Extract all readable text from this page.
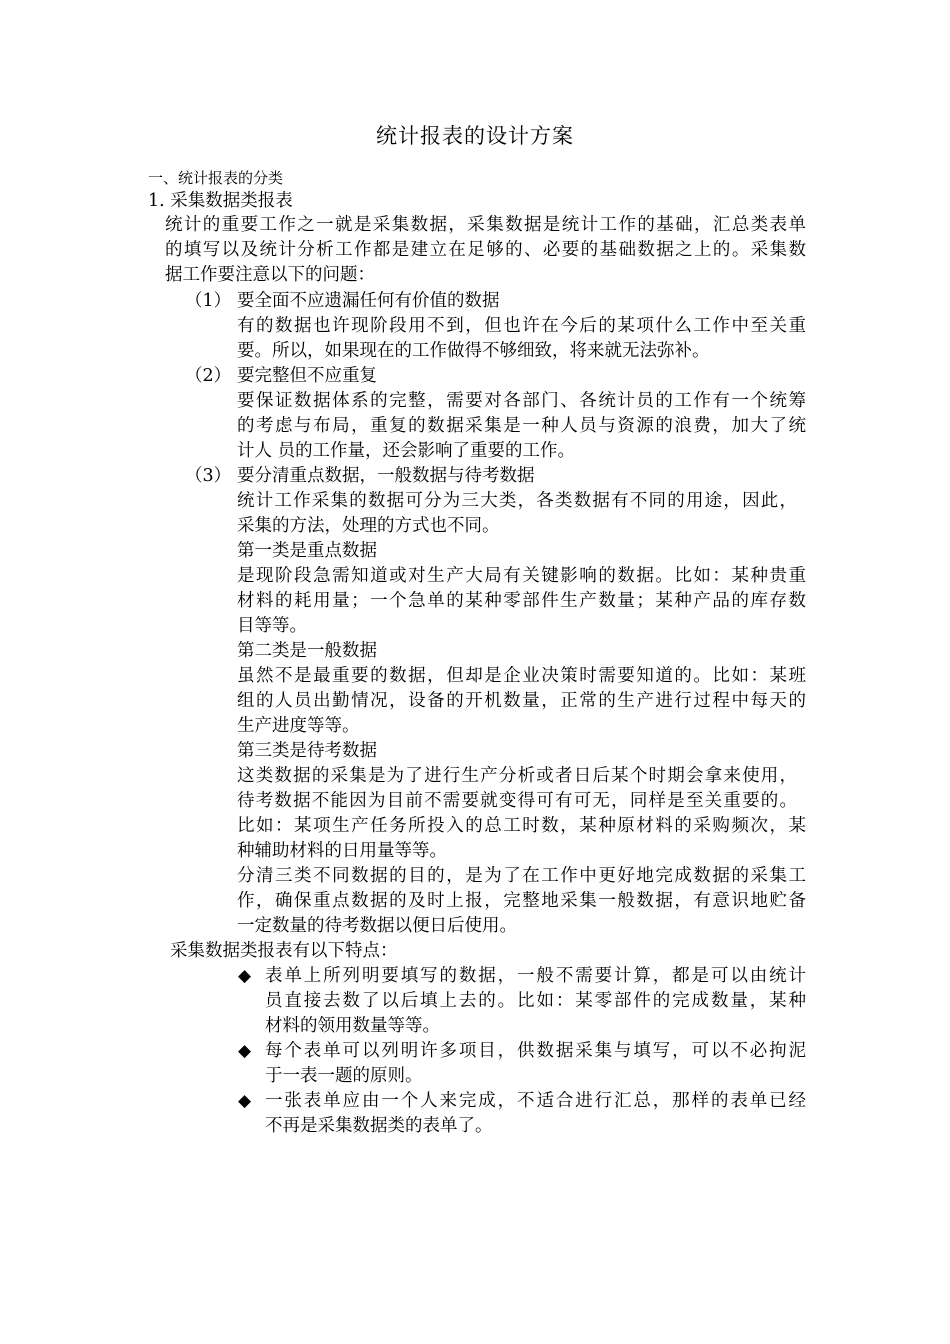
统计报表的设计方案
一、统计报表的分类
1. 采集数据类报表
统计的重要工作之一就是采集数据，采集数据是统计工作的基础，汇总类表单
的填写以及统计分析工作都是建立在足够的、必要的基础数据之上的。采集数
据工作要注意以下的问题：
（1） 要全面不应遗漏任何有价值的数据
有的数据也许现阶段用不到，但也许在今后的某项什么工作中至关重
要。所以，如果现在的工作做得不够细致，将来就无法弥补。
（2） 要完整但不应重复
要保证数据体系的完整，需要对各部门、各统计员的工作有一个统筹
的考虑与布局，重复的数据采集是一种人员与资源的浪费，加大了统
计人 员的工作量，还会影响了重要的工作。
（3） 要分清重点数据，一般数据与待考数据
统计工作采集的数据可分为三大类，各类数据有不同的用途，因此，
采集的方法，处理的方式也不同。
第一类是重点数据
是现阶段急需知道或对生产大局有关键影响的数据。比如：某种贵重
材料的耗用量；一个急单的某种零部件生产数量；某种产品的库存数
目等等。
第二类是一般数据
虽然不是最重要的数据，但却是企业决策时需要知道的。比如：某班
组的人员出勤情况，设备的开机数量，正常的生产进行过程中每天的
生产进度等等。
第三类是待考数据
这类数据的采集是为了进行生产分析或者日后某个时期会拿来使用，
待考数据不能因为目前不需要就变得可有可无，同样是至关重要的。
比如：某项生产任务所投入的总工时数，某种原材料的采购频次，某
种辅助材料的日用量等等。
分清三类不同数据的目的，是为了在工作中更好地完成数据的采集工
作，确保重点数据的及时上报，完整地采集一般数据，有意识地贮备
一定数量的待考数据以便日后使用。
采集数据类报表有以下特点：
◆ 表单上所列明要填写的数据，一般不需要计算，都是可以由统计
员直接去数了以后填上去的。比如：某零部件的完成数量，某种
材料的领用数量等等。
◆ 每个表单可以列明许多项目，供数据采集与填写，可以不必拘泥
于一表一题的原则。
◆ 一张表单应由一个人来完成，不适合进行汇总，那样的表单已经
不再是采集数据类的表单了。
